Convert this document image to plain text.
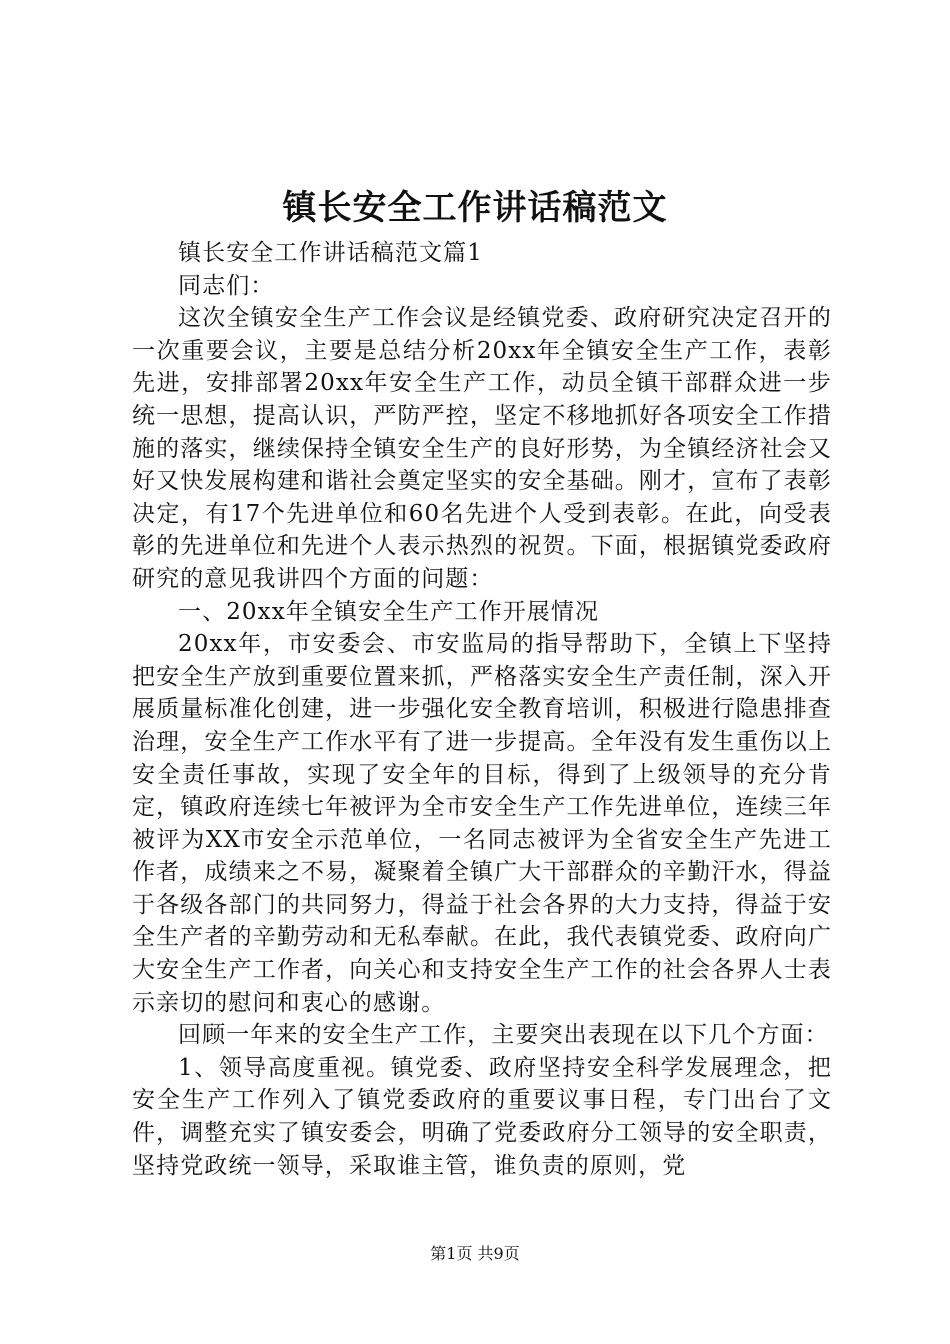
镇长安全工作讲话稿范文

镇长安全工作讲话稿范文篇1

同志们：

这次全镇安全生产工作会议是经镇党委、政府研究决定召开的一次重要会议，主要是总结分析20xx年全镇安全生产工作，表彰先进，安排部署20xx年安全生产工作，动员全镇干部群众进一步统一思想，提高认识，严防严控，坚定不移地抓好各项安全工作措施的落实，继续保持全镇安全生产的良好形势，为全镇经济社会又好又快发展构建和谐社会奠定坚实的安全基础。刚才，宣布了表彰决定，有17个先进单位和60名先进个人受到表彰。在此，向受表彰的先进单位和先进个人表示热烈的祝贺。下面，根据镇党委政府研究的意见我讲四个方面的问题：

一、20xx年全镇安全生产工作开展情况

20xx年，市安委会、市安监局的指导帮助下，全镇上下坚持把安全生产放到重要位置来抓，严格落实安全生产责任制，深入开展质量标准化创建，进一步强化安全教育培训，积极进行隐患排查治理，安全生产工作水平有了进一步提高。全年没有发生重伤以上安全责任事故，实现了安全年的目标，得到了上级领导的充分肯定，镇政府连续七年被评为全市安全生产工作先进单位，连续三年被评为XX市安全示范单位，一名同志被评为全省安全生产先进工作者，成绩来之不易，凝聚着全镇广大干部群众的辛勤汗水，得益于各级各部门的共同努力，得益于社会各界的大力支持，得益于安全生产者的辛勤劳动和无私奉献。在此，我代表镇党委、政府向广大安全生产工作者，向关心和支持安全生产工作的社会各界人士表示亲切的慰问和衷心的感谢。

回顾一年来的安全生产工作，主要突出表现在以下几个方面：

1、领导高度重视。镇党委、政府坚持安全科学发展理念，把安全生产工作列入了镇党委政府的重要议事日程，专门出台了文件，调整充实了镇安委会，明确了党委政府分工领导的安全职责，坚持党政统一领导，采取谁主管，谁负责的原则，党

第1页 共9页
